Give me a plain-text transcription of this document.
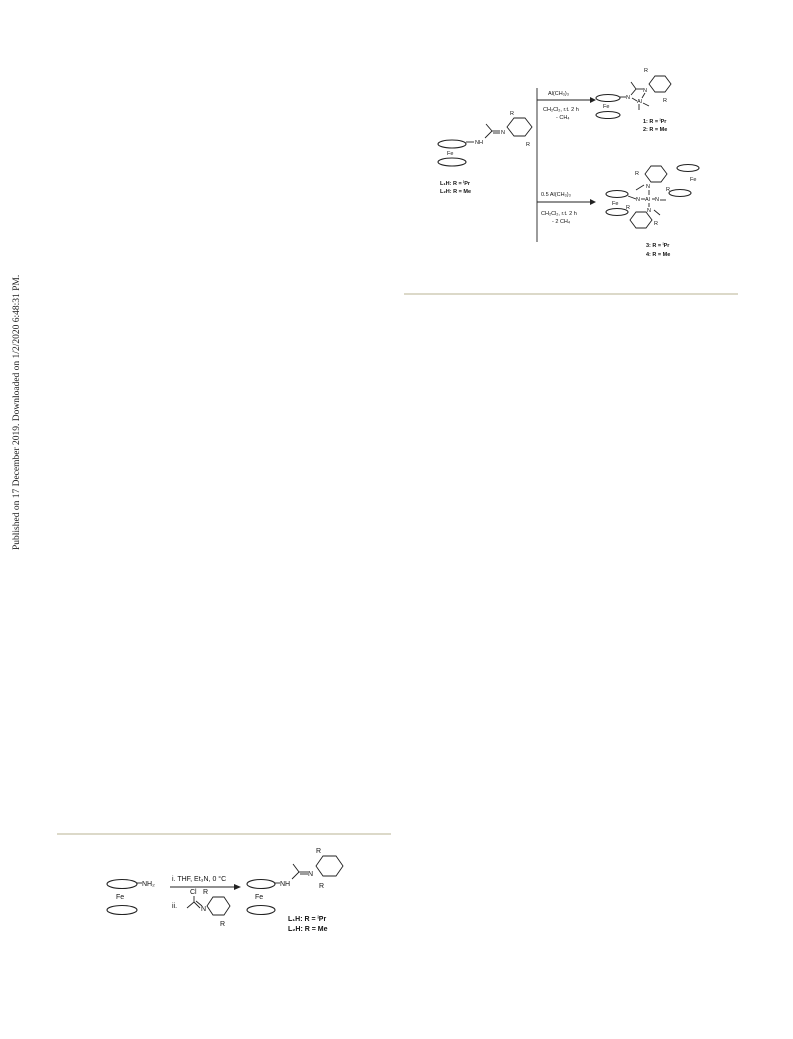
Published on 17 December 2019. Downloaded on 1/2/2020 6:48:31 PM.
Fe
NH
N
R
R
L₁H: R = ⁱPr
L₂H: R = Me
Al(CH₃)₃
CH₂Cl₂, r.t. 2 h
- CH₄
0.5 Al(CH₃)₃
CH₂Cl₂, r.t. 2 h
- 2 CH₄
Fe
N
N
Al
R
R
1: R = ⁱPr
2: R = Me
R
R
Fe
N
N Al N
N
Fe
R
R
3: R = ⁱPr
4: R = Me
NH₂
Fe
i. THF, Et₃N, 0 °C
ii.
Cl
N
R
R
Fe
NH
N
R
R
L₁H: R = ⁱPr
L₂H: R = Me
